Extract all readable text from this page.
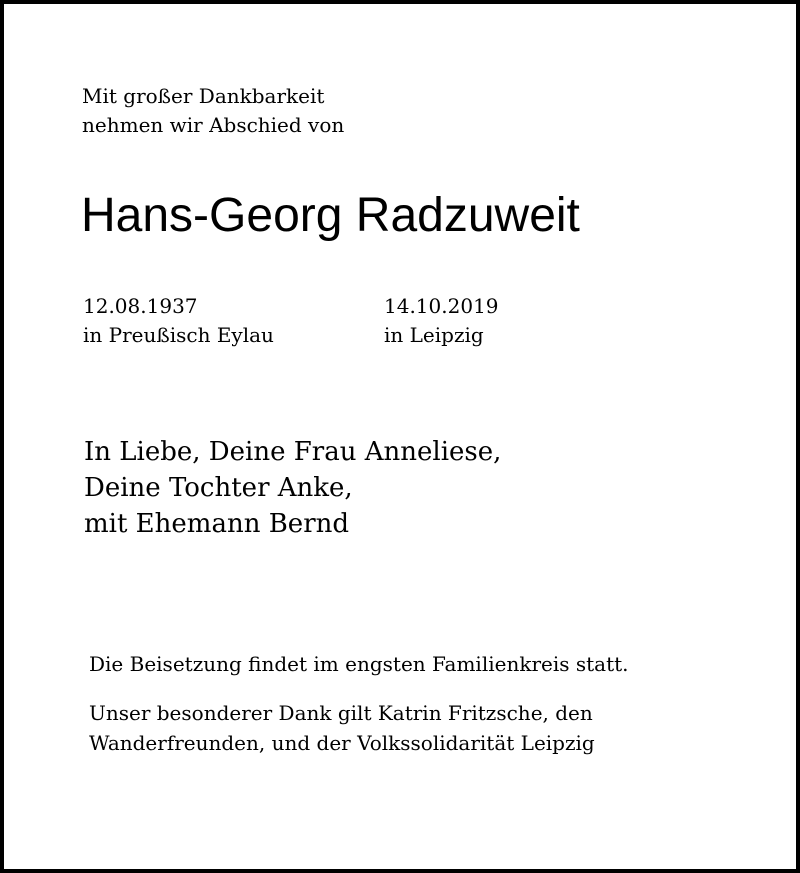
Mit großer Dankbarkeit
nehmen wir Abschied von
Hans-Georg Radzuweit
12.08.1937
in Preußisch Eylau
14.10.2019
in Leipzig
In Liebe, Deine Frau Anneliese,
Deine Tochter Anke,
mit Ehemann Bernd
Die Beisetzung findet im engsten Familienkreis statt.
Unser besonderer Dank gilt Katrin Fritzsche, den
Wanderfreunden, und der Volkssolidarität Leipzig
